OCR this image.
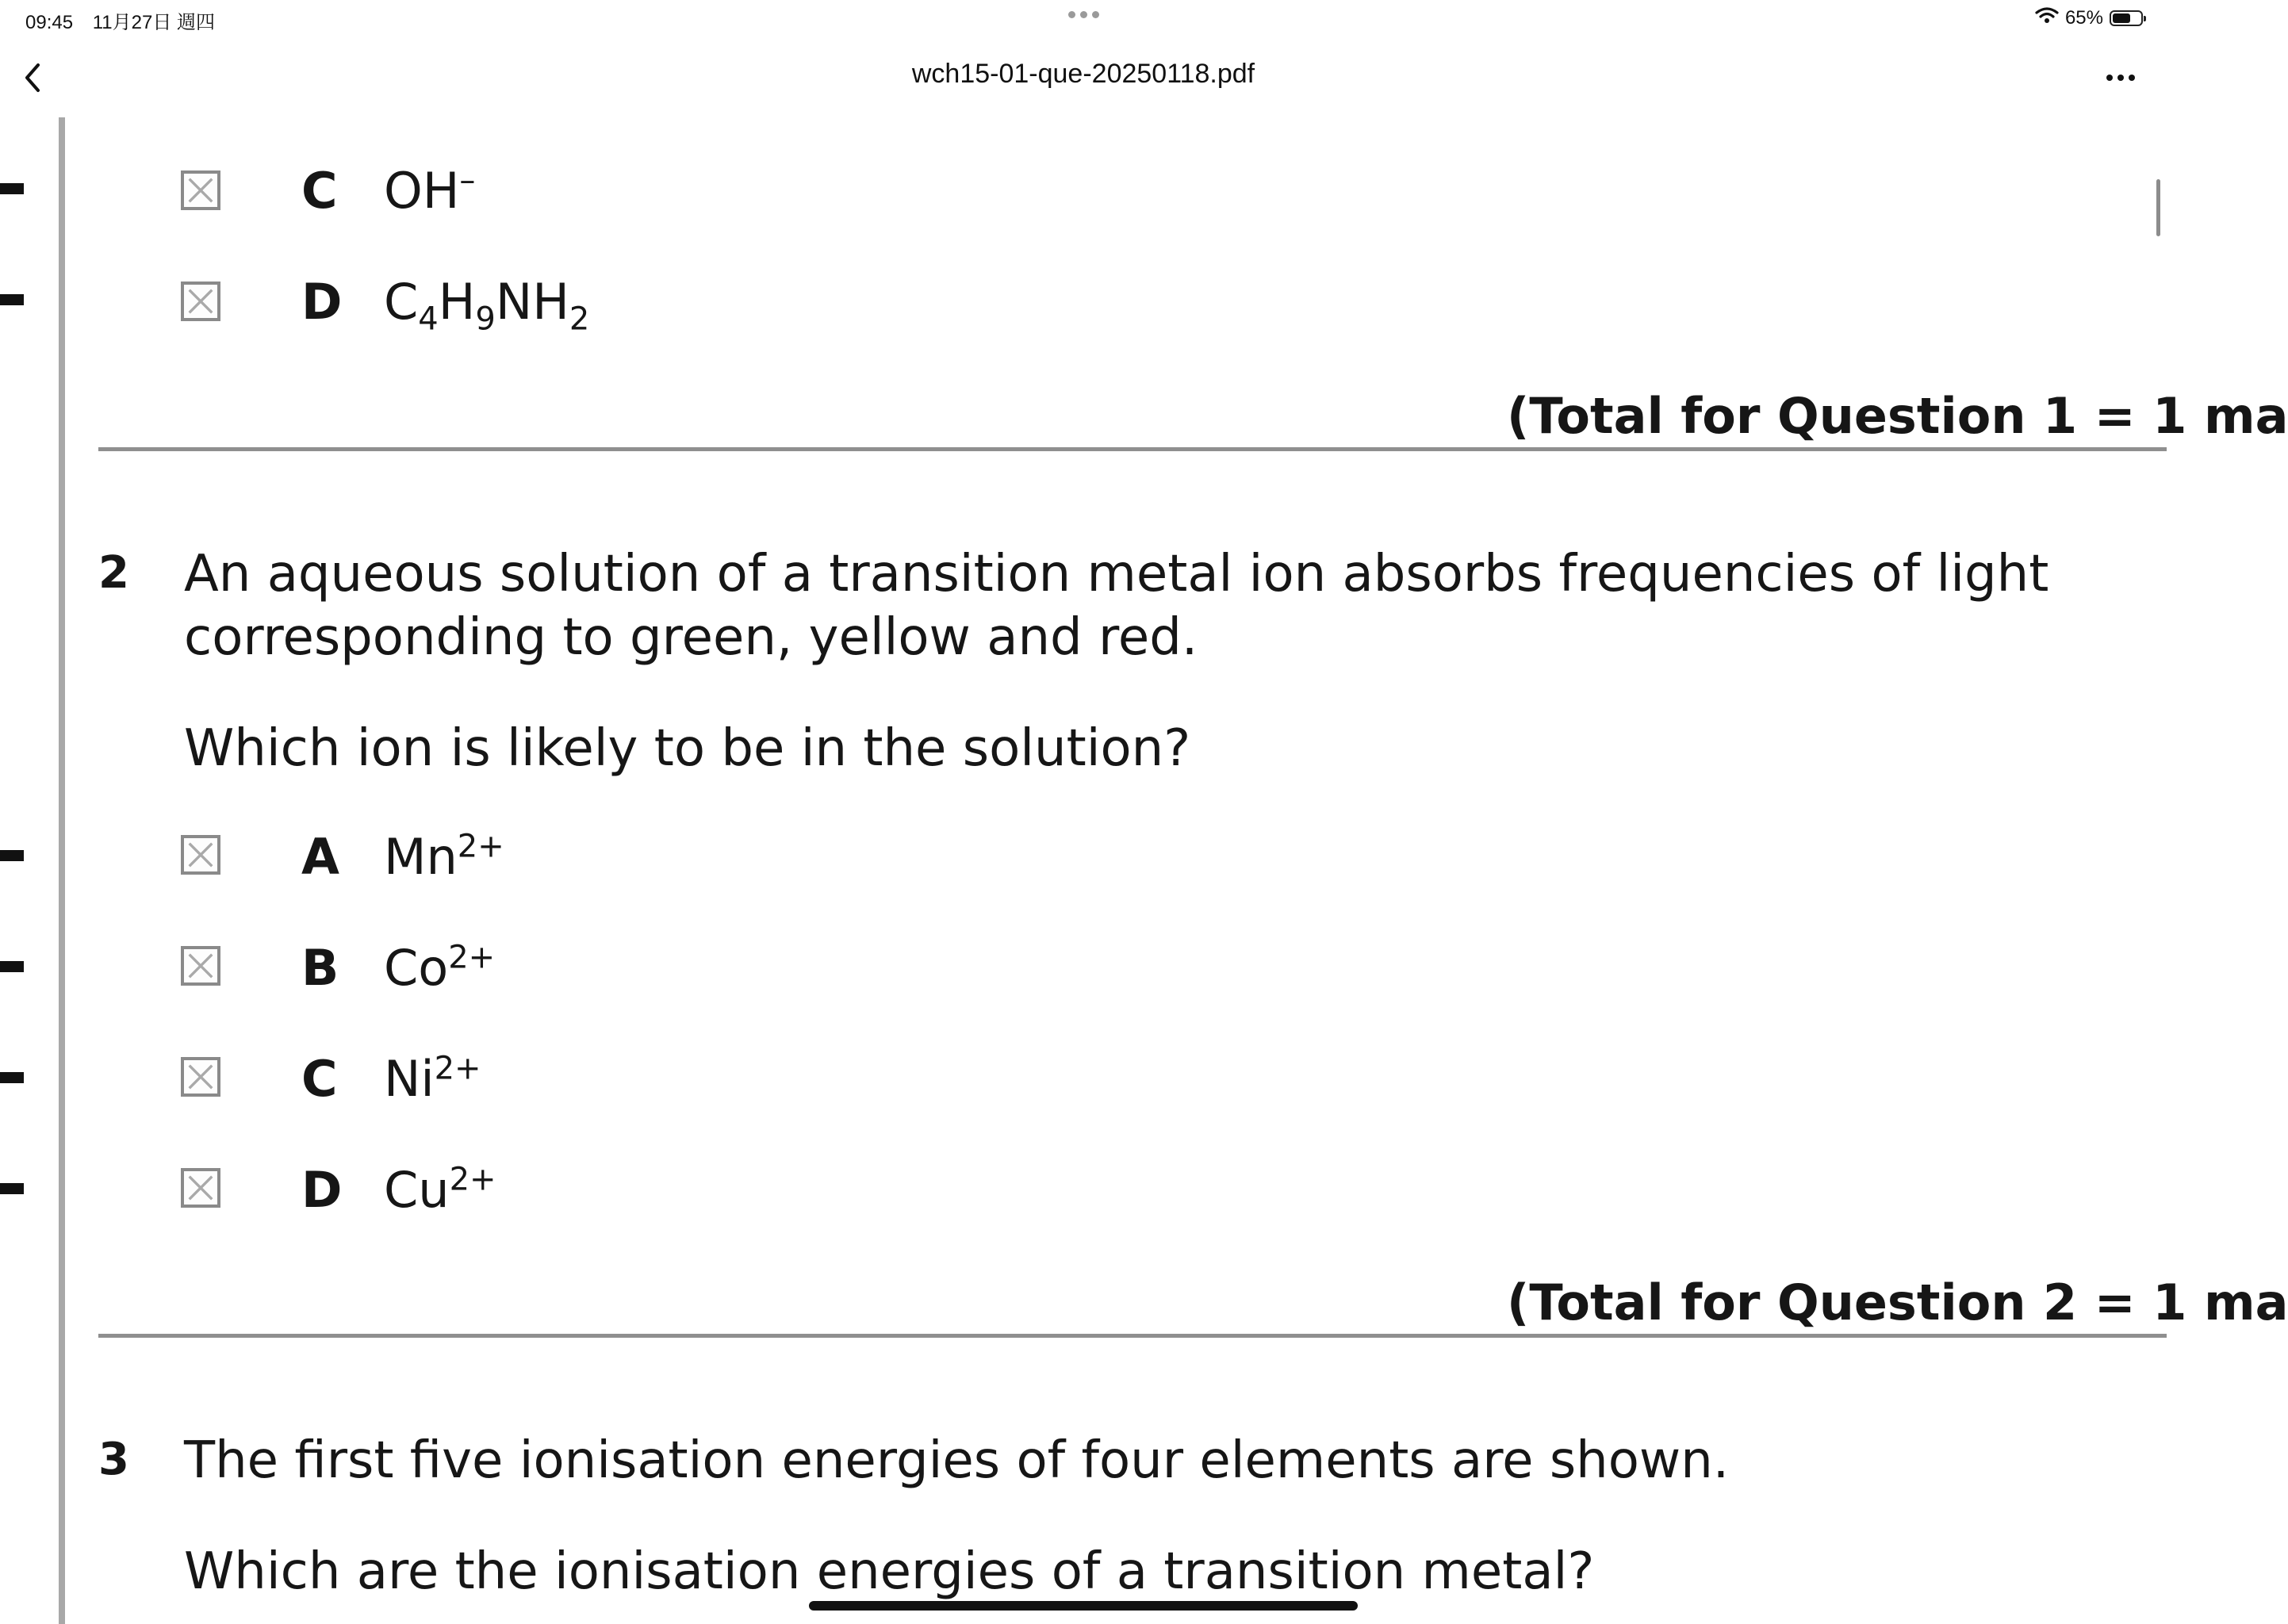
09:45 11月27日 週四	65%
wch15-01-que-20250118.pdf
C OH–
D $C_4H_9NH_2$
(Total for Question 1 = 1 ma
2 An aqueous solution of a transition metal ion absorbs frequencies of light
corresponding to green, yellow and red.
Which ion is likely to be in the solution?
A $Mn^{2+}$
B $Co^{2+}$
C $Ni^{2+}$
D $Cu^{2+}$
(Total for Question 2 = 1 ma
3 The first five ionisation energies of four elements are shown.
Which are the ionisation energies of a transition metal?
